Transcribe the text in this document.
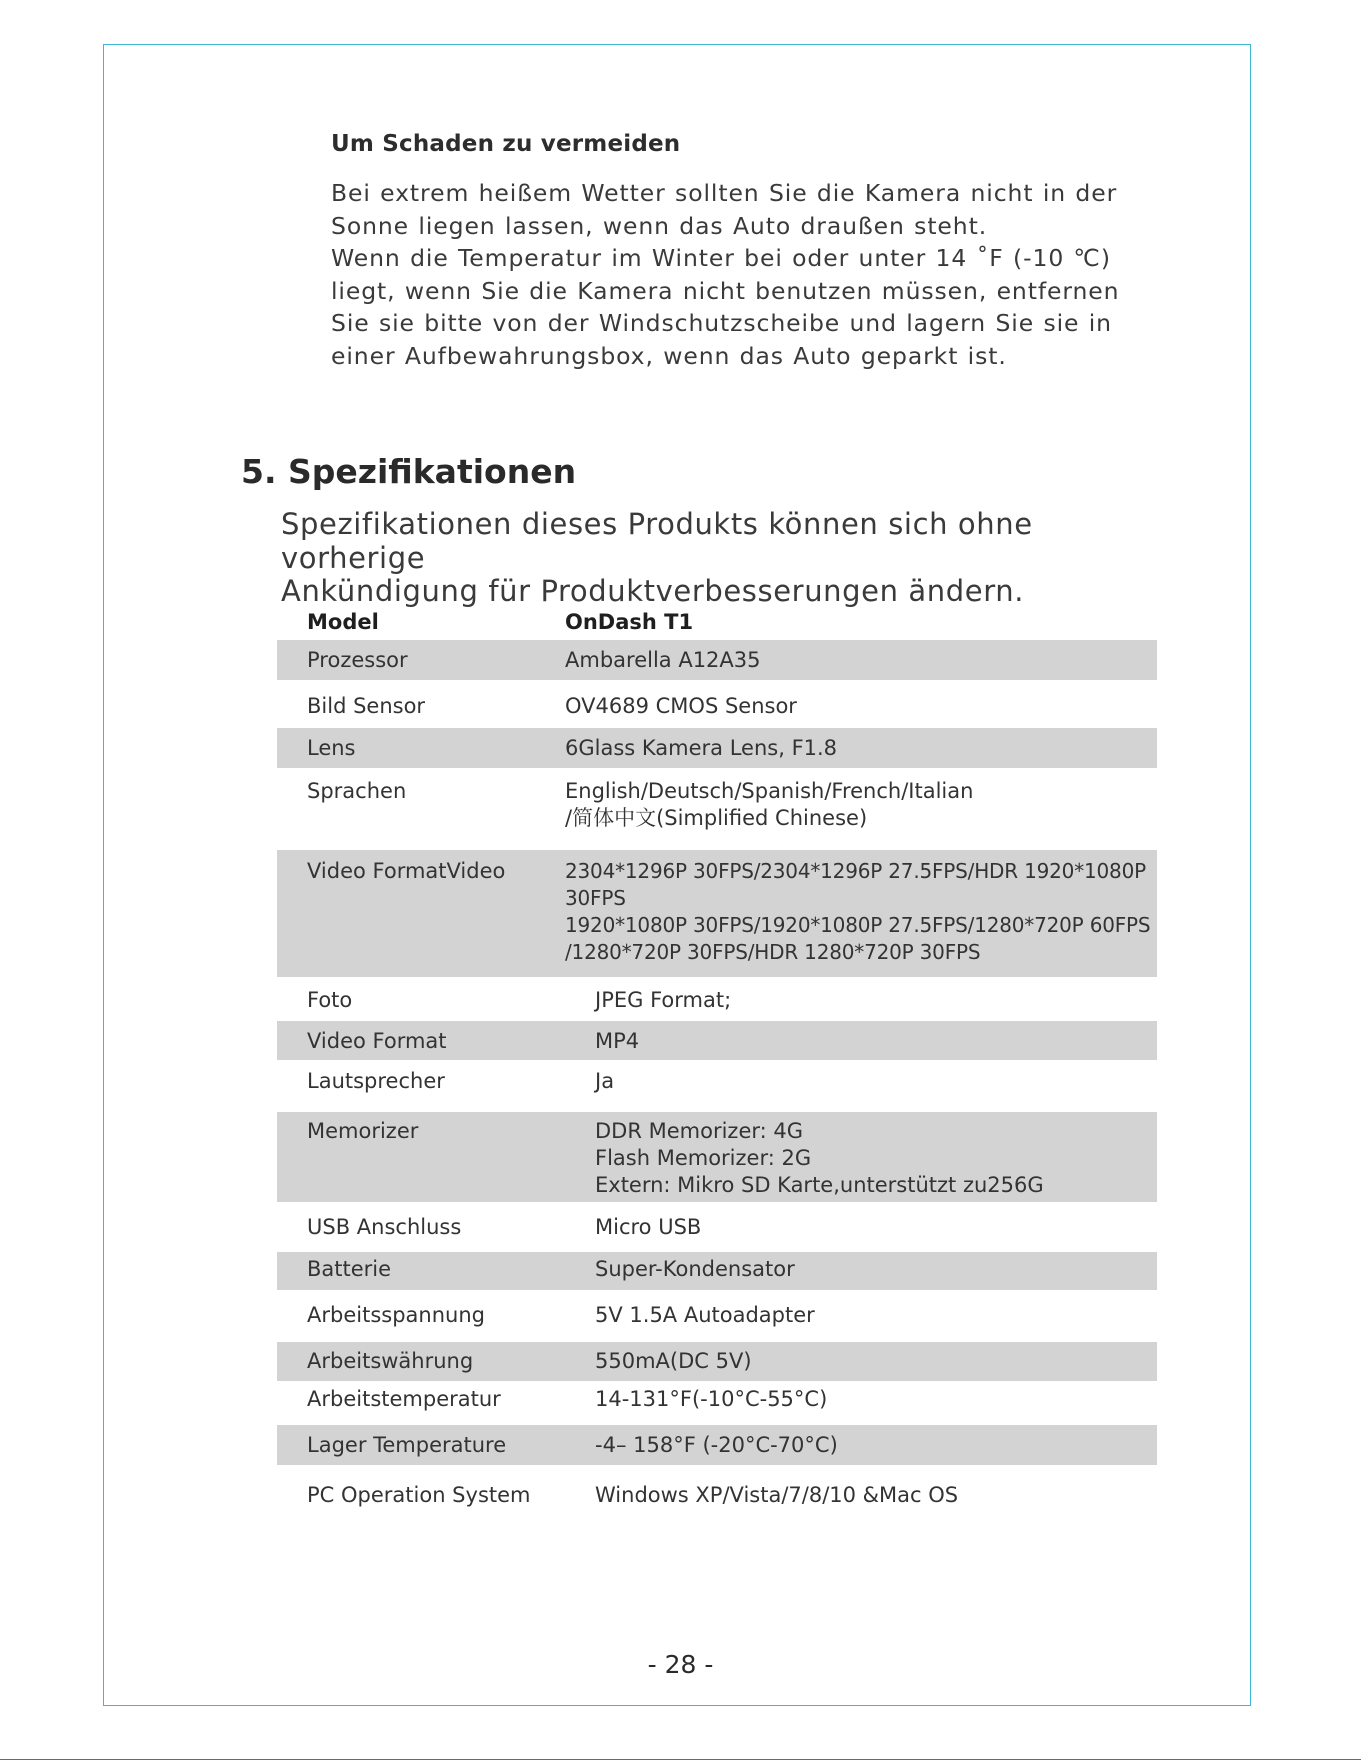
Um Schaden zu vermeiden

Bei extrem heißem Wetter sollten Sie die Kamera nicht in der

Sonne liegen lassen, wenn das Auto draußen steht.

Wenn die Temperatur im Winter bei oder unter 14 ˚F (-10 ℃)

liegt, wenn Sie die Kamera nicht benutzen müssen, entfernen

Sie sie bitte von der Windschutzscheibe und lagern Sie sie in

einer Aufbewahrungsbox, wenn das Auto geparkt ist.

5. Spezifikationen
Spezifikationen dieses Produkts können sich ohne vorherige
Ankündigung für Produktverbesserungen ändern.
Model	OnDash T1
Prozessor	Ambarella A12A35
Bild Sensor	OV4689 CMOS Sensor
Lens	6Glass Kamera Lens, F1.8
Sprachen	English/Deutsch/Spanish/French/Italian
/简体中文(Simplified Chinese)
Video FormatVideo	2304*1296P 30FPS/2304*1296P 27.5FPS/HDR 1920*1080P
30FPS
1920*1080P 30FPS/1920*1080P 27.5FPS/1280*720P 60FPS
/1280*720P 30FPS/HDR 1280*720P 30FPS
Foto	JPEG Format;
Video Format	MP4
Lautsprecher	Ja
Memorizer	DDR Memorizer: 4G
Flash Memorizer: 2G
Extern: Mikro SD Karte,unterstützt zu256G
USB Anschluss	Micro USB
Batterie	Super-Kondensator
Arbeitsspannung	5V 1.5A Autoadapter
Arbeitswährung	550mA(DC 5V)
Arbeitstemperatur	14-131°F(-10°C-55°C)
Lager Temperature	-4– 158°F (-20°C-70°C)
PC Operation System	Windows XP/Vista/7/8/10 &Mac OS
- 28 -
